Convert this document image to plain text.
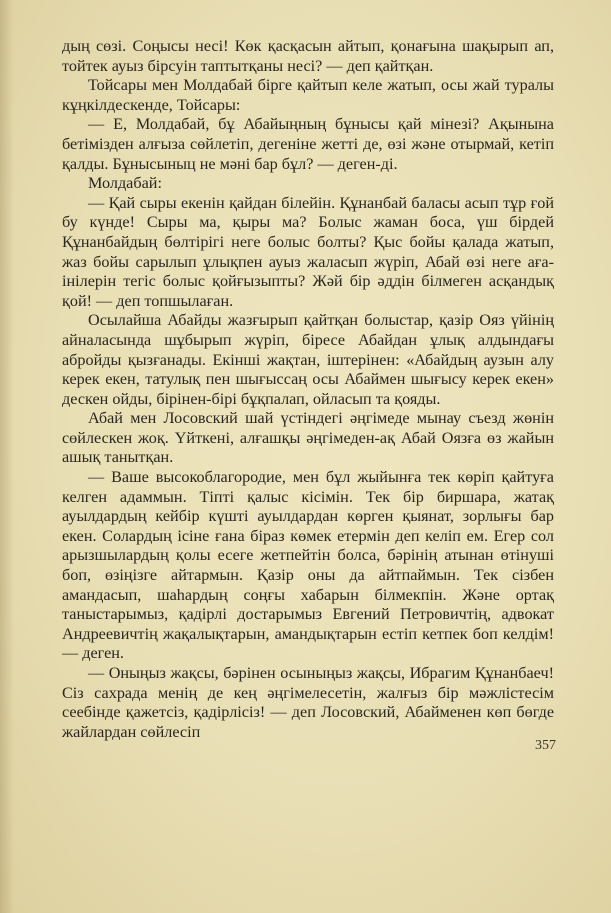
дың сөзі. Соңысы несі! Көк қасқасын айтып, қонағына шақырып ап, тойтек ауыз бірсуін таптытқаны несі? — деп қайтқан.

Тойсары мен Молдабай бірге қайтып келе жатып, осы жай туралы кұңкілдескенде, Тойсары:

— Е, Молдабай, бұ Абайыңның бұнысы қай мінезі? Ақынына бетімізден алғыза сөйлетіп, дегеніне жетті де, өзі және отырмай, кетіп қалды. Бұнысыныц не мәні бар бұл? — деген-ді.

Молдабай:

— Қай сыры екенін қайдан білейін. Құнанбай баласы асып тұр ғой бу күнде! Сыры ма, қыры ма? Болыс жаман боса, үш бірдей Құнанбайдың бөлтірігі неге болыс болты? Қыс бойы қалада жатып, жаз бойы сарылып ұлықпен ауыз жаласып жүріп, Абай өзі неге аға-інілерін тегіс болыс қойғызыпты? Жәй бір әддін білмеген асқандық қой! — деп топшылаған.

Осылайша Абайды жазғырып қайтқан болыстар, қазір Ояз үйінің айналасында шұбырып жүріп, біресе Абайдан ұлық алдындағы абройды қызғанады. Екінші жақтан, іштерінен: «Абайдың аузын алу керек екен, татулық пен шығыссаң осы Абаймен шығысу керек екен» дескен ойды, бірінен-бірі бұқпалап, ойласып та қояды.

Абай мен Лосовский шай үстіндегі әңгімеде мынау съезд жөнін сөйлескен жоқ. Үйткені, алғашқы әңгімеден-ақ Абай Оязға өз жайын ашық танытқан.

— Ваше высокоблагородие, мен бұл жыйынға тек көріп қайтуға келген адаммын. Тіпті қалыс кісімін. Тек бір биршара, жатақ ауылдардың кейбір күшті ауылдардан көрген қыянат, зорлығы бар екен. Солардың ісіне ғана біраз көмек етермін деп келіп ем. Егер сол арызшылардың қолы есеге жетпейтін болса, бәрінің атынан өтінуші боп, өзіңізге айтармын. Қазір оны да айтпаймын. Тек сізбен амандасып, шаһардың соңғы хабарын білмекпін. Және ортақ таныстарымыз, қадірлі достарымыз Евгений Петровичтің, адвокат Андреевичтің жақалықтарын, амандықтарын естіп кетпек боп келдім! — деген.

— Оныңыз жақсы, бәрінен осыныңыз жақсы, Ибрагим Құнанбаеч! Сіз сахрада менің де кең әңгімелесетін, жалғыз бір мәжлістесім сеебінде қажетсіз, қадірлісіз! — деп Лосовский, Абайменен көп бөгде жайлардан сөйлесіп

357
